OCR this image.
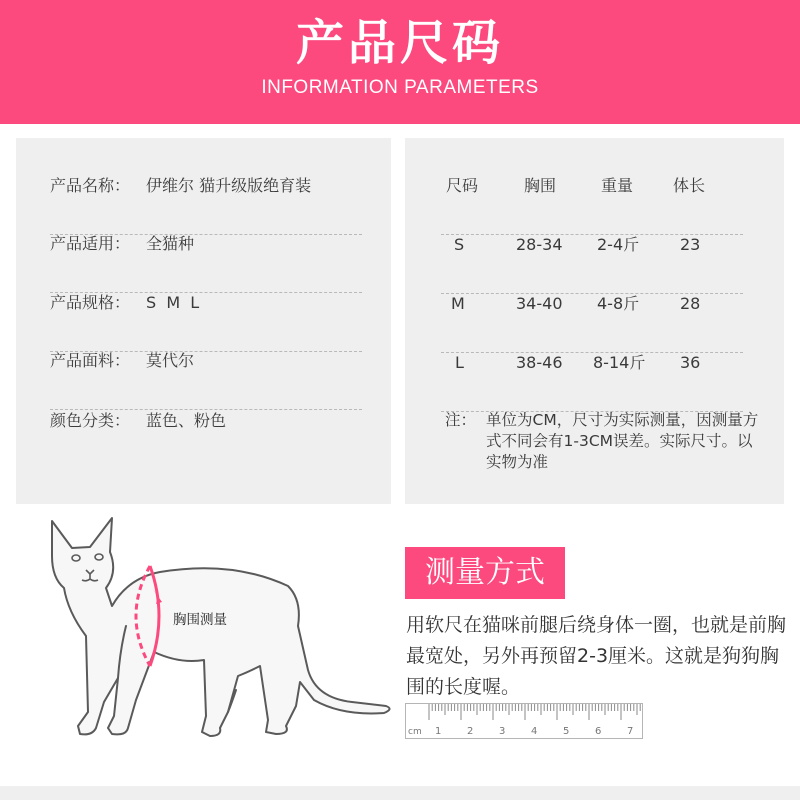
产品尺码
INFORMATION PARAMETERS
产品名称： 伊维尔 猫升级版绝育装
产品适用： 全猫种
产品规格： S  M  L
产品面料： 莫代尔
颜色分类： 蓝色、粉色
尺码	胸围	重量	体长
S	28-34	2-4斤	23
M	34-40	4-8斤	28
L	38-46	8-14斤	36
注： 单位为CM，尺寸为实际测量，因测量方式不同会有1-3CM误差。实际尺寸。以实物为准
胸围测量
测量方式
用软尺在猫咪前腿后绕身体一圈，也就是前胸最宽处，另外再预留2-3厘米。这就是狗狗胸围的长度喔。
cm 1	2	3	4	5	6	7
